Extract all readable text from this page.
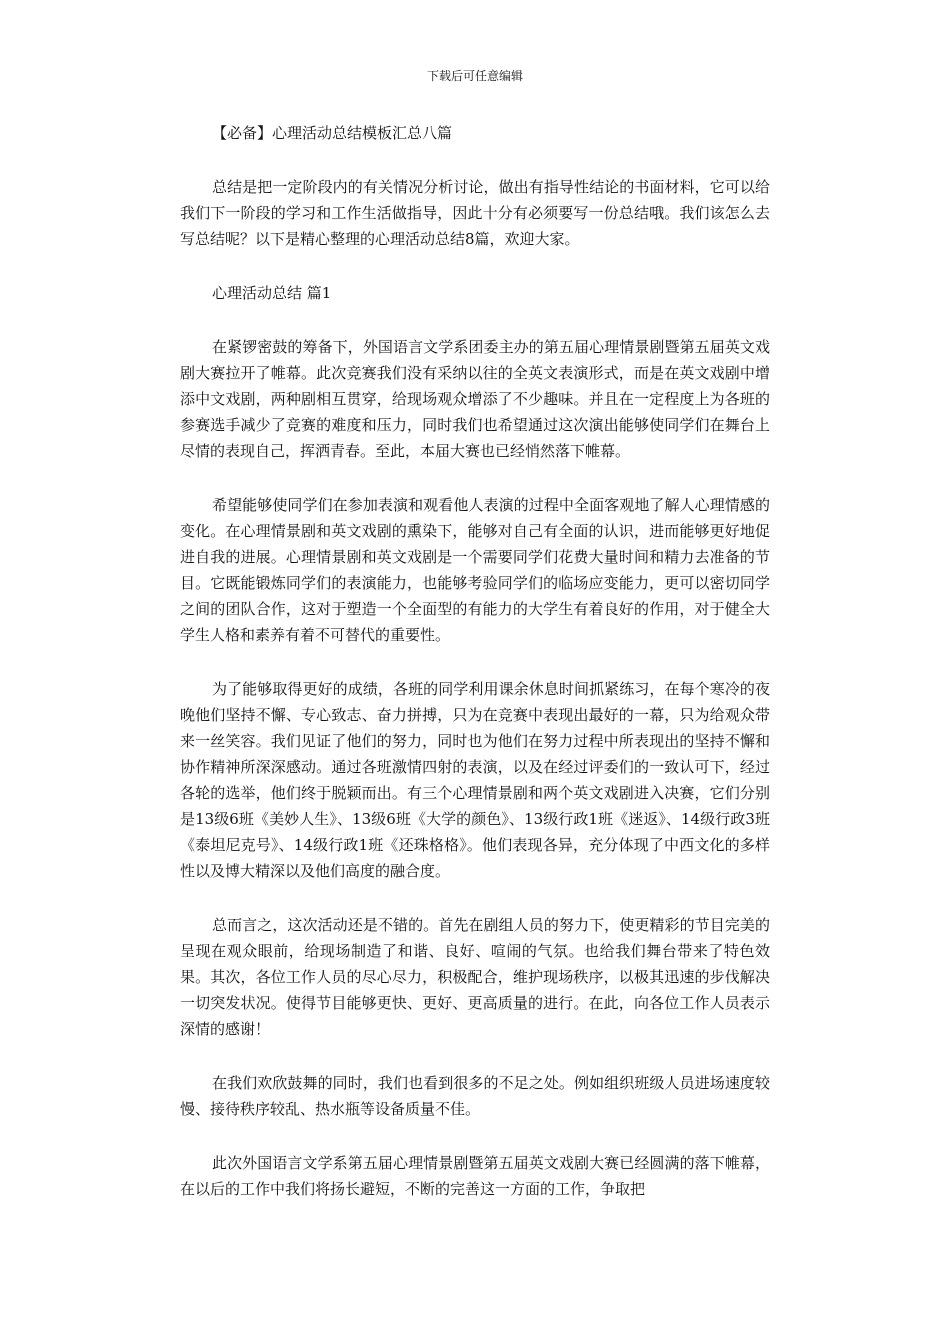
下载后可任意编辑
【必备】心理活动总结模板汇总八篇

总结是把一定阶段内的有关情况分析讨论，做出有指导性结论的书面材料，它可以给我们下一阶段的学习和工作生活做指导，因此十分有必须要写一份总结哦。我们该怎么去写总结呢？以下是精心整理的心理活动总结8篇，欢迎大家。

心理活动总结 篇1

在紧锣密鼓的筹备下，外国语言文学系团委主办的第五届心理情景剧暨第五届英文戏剧大赛拉开了帷幕。此次竞赛我们没有采纳以往的全英文表演形式，而是在英文戏剧中增添中文戏剧，两种剧相互贯穿，给现场观众增添了不少趣味。并且在一定程度上为各班的参赛选手减少了竞赛的难度和压力，同时我们也希望通过这次演出能够使同学们在舞台上尽情的表现自己，挥洒青春。至此，本届大赛也已经悄然落下帷幕。

希望能够使同学们在参加表演和观看他人表演的过程中全面客观地了解人心理情感的变化。在心理情景剧和英文戏剧的熏染下，能够对自己有全面的认识，进而能够更好地促进自我的进展。心理情景剧和英文戏剧是一个需要同学们花费大量时间和精力去准备的节目。它既能锻炼同学们的表演能力，也能够考验同学们的临场应变能力，更可以密切同学之间的团队合作，这对于塑造一个全面型的有能力的大学生有着良好的作用，对于健全大学生人格和素养有着不可替代的重要性。

为了能够取得更好的成绩，各班的同学利用课余休息时间抓紧练习，在每个寒冷的夜晚他们坚持不懈、专心致志、奋力拼搏，只为在竞赛中表现出最好的一幕，只为给观众带来一丝笑容。我们见证了他们的努力，同时也为他们在努力过程中所表现出的坚持不懈和协作精神所深深感动。通过各班激情四射的表演，以及在经过评委们的一致认可下，经过各轮的选举，他们终于脱颖而出。有三个心理情景剧和两个英文戏剧进入决赛，它们分别是13级6班《美妙人生》、13级6班《大学的颜色》、13级行政1班《迷返》、14级行政3班《泰坦尼克号》、14级行政1班《还珠格格》。他们表现各异，充分体现了中西文化的多样性以及博大精深以及他们高度的融合度。

总而言之，这次活动还是不错的。首先在剧组人员的努力下，使更精彩的节目完美的呈现在观众眼前，给现场制造了和谐、良好、喧闹的气氛。也给我们舞台带来了特色效果。其次，各位工作人员的尽心尽力，积极配合，维护现场秩序，以极其迅速的步伐解决一切突发状况。使得节目能够更快、更好、更高质量的进行。在此，向各位工作人员表示深情的感谢！

在我们欢欣鼓舞的同时，我们也看到很多的不足之处。例如组织班级人员进场速度较慢、接待秩序较乱、热水瓶等设备质量不佳。

此次外国语言文学系第五届心理情景剧暨第五届英文戏剧大赛已经圆满的落下帷幕，在以后的工作中我们将扬长避短，不断的完善这一方面的工作，争取把
